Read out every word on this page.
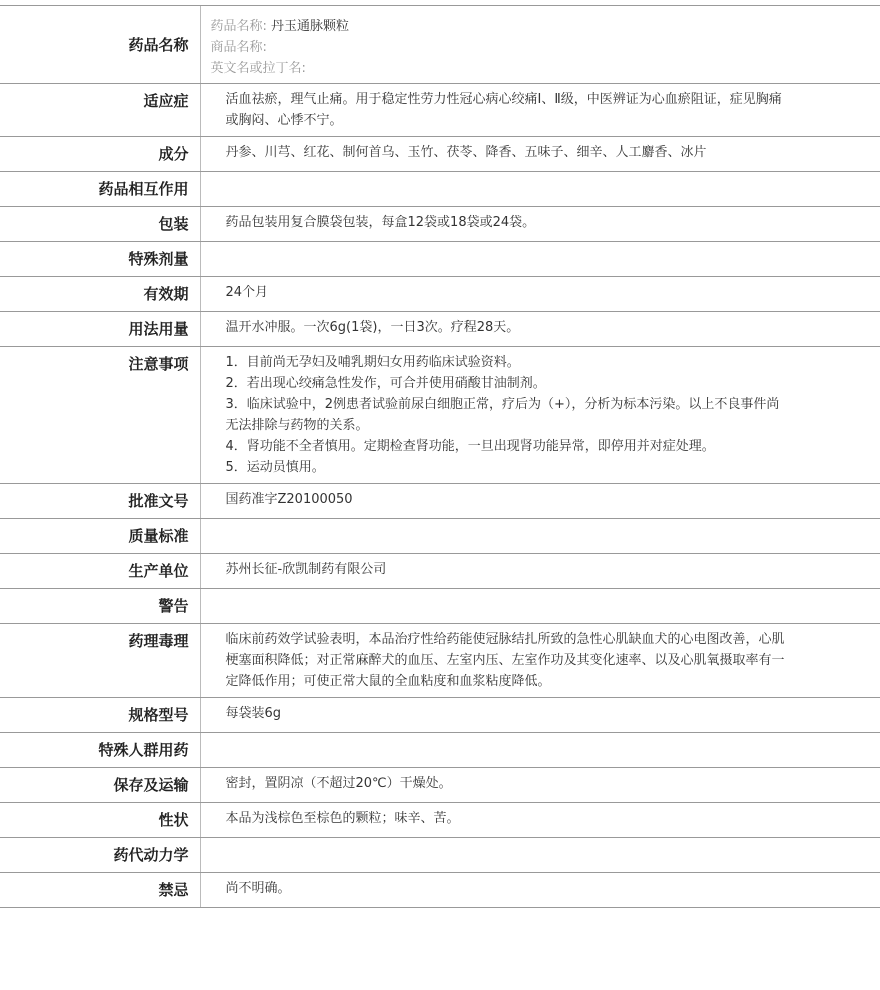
药品名称	药品名称: 丹玉通脉颗粒
商品名称:
英文名或拉丁名:

适应症	活血祛瘀，理气止痛。用于稳定性劳力性冠心病心绞痛Ⅰ、Ⅱ级，中医辨证为心血瘀阻证，症见胸痛或胸闷、心悸不宁。
成分	丹参、川芎、红花、制何首乌、玉竹、茯苓、降香、五味子、细辛、人工麝香、冰片
药品相互作用	
包装	药品包装用复合膜袋包装，每盒12袋或18袋或24袋。
特殊剂量	
有效期	24个月
用法用量	温开水冲服。一次6g(1袋)，一日3次。疗程28天。
注意事项	1．目前尚无孕妇及哺乳期妇女用药临床试验资料。
2．若出现心绞痛急性发作，可合并使用硝酸甘油制剂。
3．临床试验中，2例患者试验前尿白细胞正常，疗后为（+），分析为标本污染。以上不良事件尚无法排除与药物的关系。
4．肾功能不全者慎用。定期检查肾功能，一旦出现肾功能异常，即停用并对症处理。
5．运动员慎用。

批准文号	国药准字Z20100050
质量标准	
生产单位	苏州长征-欣凯制药有限公司
警告	
药理毒理	临床前药效学试验表明，本品治疗性给药能使冠脉结扎所致的急性心肌缺血犬的心电图改善，心肌梗塞面积降低；对正常麻醉犬的血压、左室内压、左室作功及其变化速率、以及心肌氧摄取率有一定降低作用；可使正常大鼠的全血粘度和血浆粘度降低。
规格型号	每袋装6g
特殊人群用药	
保存及运输	密封，置阴凉（不超过20℃）干燥处。
性状	本品为浅棕色至棕色的颗粒；味辛、苦。
药代动力学	
禁忌	尚不明确。
